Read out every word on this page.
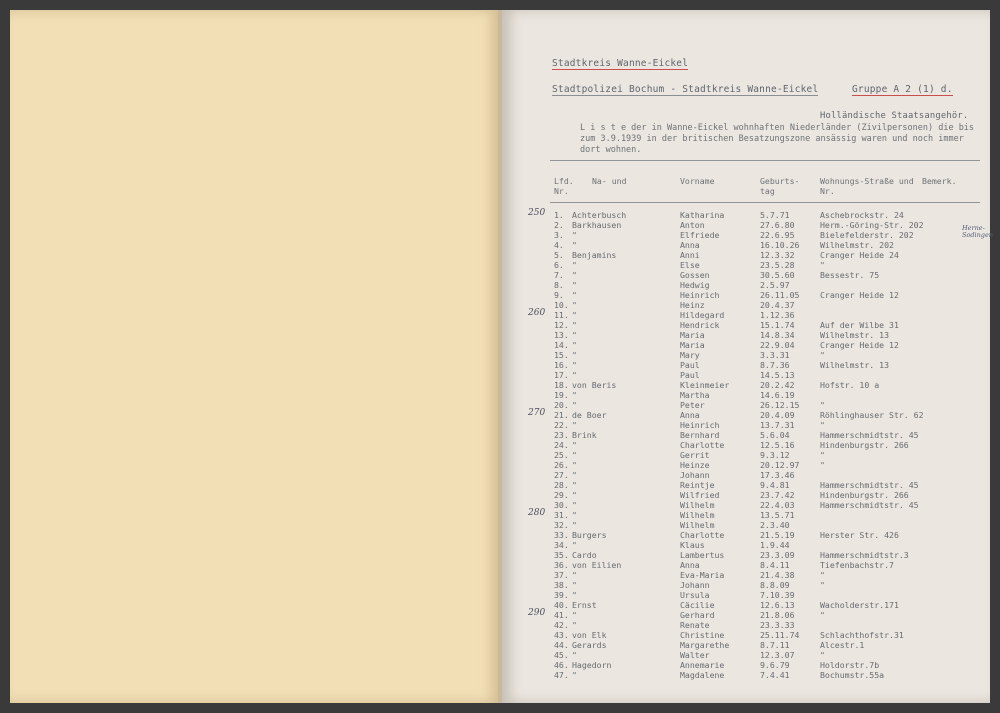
Stadtkreis Wanne-Eickel
Stadtpolizei Bochum - Stadtkreis Wanne-Eickel	Gruppe A 2 (1) d.
Holländische Staatsangehör.
L i s t e der in Wanne-Eickel wohnhaften Niederländer (Zivilpersonen) die bis zum 3.9.1939 in der britischen Besatzungszone ansässig waren und noch immer dort wohnen.
Lfd. Nr.
Na- und	Vorname	Geburts- tag
Wohnungs-Straße und Nr.
Bemerk.
Herne-Sodingen
1. Achterbusch	Katharina	5.7.71	Aschebrockstr. 24
2. Barkhausen	Anton	27.6.80	Herm.-Göring-Str. 202
3. "	Elfriede	22.6.95	Bielefelderstr. 202
4. "	Anna	16.10.26	Wilhelmstr. 202
5. Benjamins	Anni	12.3.32	Cranger Heide 24
6. "	Else	23.5.28	"
7. "	Gossen	30.5.60	Bessestr. 75
8. "	Hedwig	2.5.97
9. "	Heinrich	26.11.05	Cranger Heide 12
10. "	Heinz	20.4.37
11. "	Hildegard	1.12.36
12. "	Hendrick	15.1.74	Auf der Wilbe 31
13. "	Maria	14.8.34	Wilhelmstr. 13
14. "	Maria	22.9.04	Cranger Heide 12
15. "	Mary	3.3.31	"
16. "	Paul	8.7.36	Wilhelmstr. 13
17. "	Paul	14.5.13
18. von Beris	Kleinmeier	20.2.42	Hofstr. 10 a
19. "	Martha	14.6.19
20. "	Peter	26.12.15	"
21. de Boer	Anna	20.4.09	Röhlinghauser Str. 62
22. "	Heinrich	13.7.31	"
23. Brink	Bernhard	5.6.04	Hammerschmidtstr. 45
24. "	Charlotte	12.5.16	Hindenburgstr. 266
25. "	Gerrit	9.3.12	"
26. "	Heinze	20.12.97	"
27. "	Johann	17.3.46
28. "	Reintje	9.4.81	Hammerschmidtstr. 45
29. "	Wilfried	23.7.42	Hindenburgstr. 266
30. "	Wilhelm	22.4.03	Hammerschmidtstr. 45
31. "	Wilhelm	13.5.71
32. "	Wilhelm	2.3.40
33. Burgers	Charlotte	21.5.19	Herster Str. 426
34. "	Klaus	1.9.44
35. Cardo	Lambertus	23.3.09	Hammerschmidtstr.3
36. von Eilien	Anna	8.4.11	Tiefenbachstr.7
37. "	Eva-Maria	21.4.38	"
38. "	Johann	8.8.09	"
39. "	Ursula	7.10.39
40. Ernst	Cäcilie	12.6.13	Wacholderstr.171
41. "	Gerhard	21.8.06	"
42. "	Renate	23.3.33
43. von Elk	Christine	25.11.74	Schlachthofstr.31
44. Gerards	Margarethe	8.7.11	Alcestr.1
45. "	Walter	12.3.07	"
46. Hagedorn	Annemarie	9.6.79	Holdorstr.7b
47. "	Magdalene	7.4.41	Bochumstr.55a
250
260
270
280
290
